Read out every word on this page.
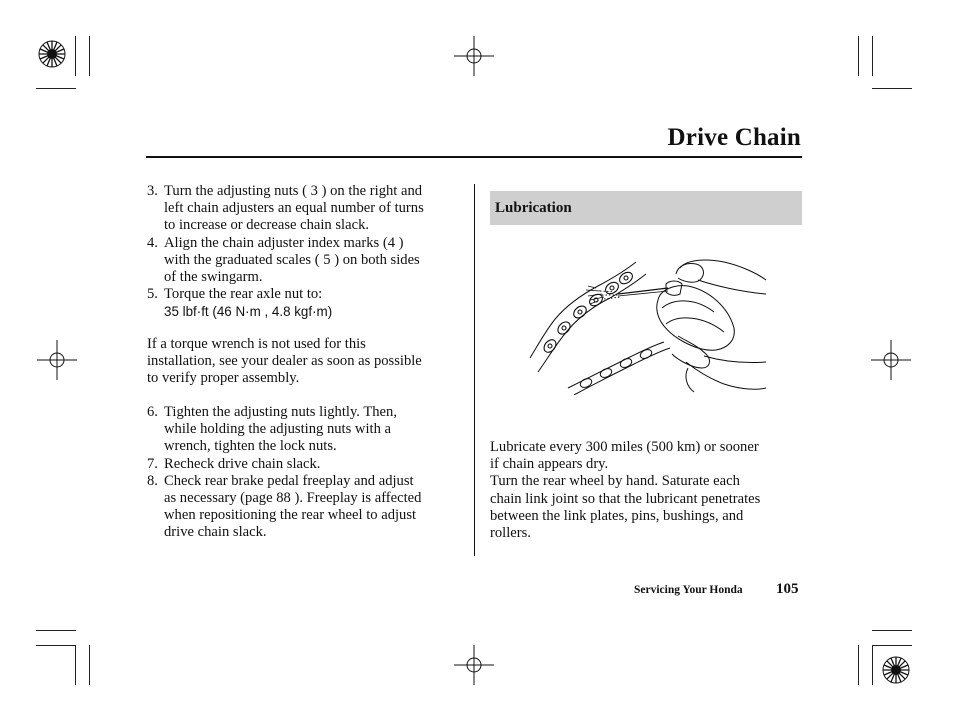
Drive Chain
3. Turn the adjusting nuts ( 3 ) on the right and
left chain adjusters an equal number of turns
to increase or decrease chain slack.
4. Align the chain adjuster index marks (4 )
with the graduated scales ( 5 ) on both sides
of the swingarm.
5. Torque the rear axle nut to:
35 lbf·ft (46 N·m , 4.8 kgf·m)
If a torque wrench is not used for this
installation, see your dealer as soon as possible
to verify proper assembly.
6. Tighten the adjusting nuts lightly. Then,
while holding the adjusting nuts with a
wrench, tighten the lock nuts.
7. Recheck drive chain slack.
8. Check rear brake pedal freeplay and adjust
as necessary (page 88 ). Freeplay is affected
when repositioning the rear wheel to adjust
drive chain slack.
Lubrication
Lubricate every 300 miles (500 km) or sooner
if chain appears dry.
Turn the rear wheel by hand. Saturate each
chain link joint so that the lubricant penetrates
between the link plates, pins, bushings, and
rollers.
Servicing Your Honda 105
